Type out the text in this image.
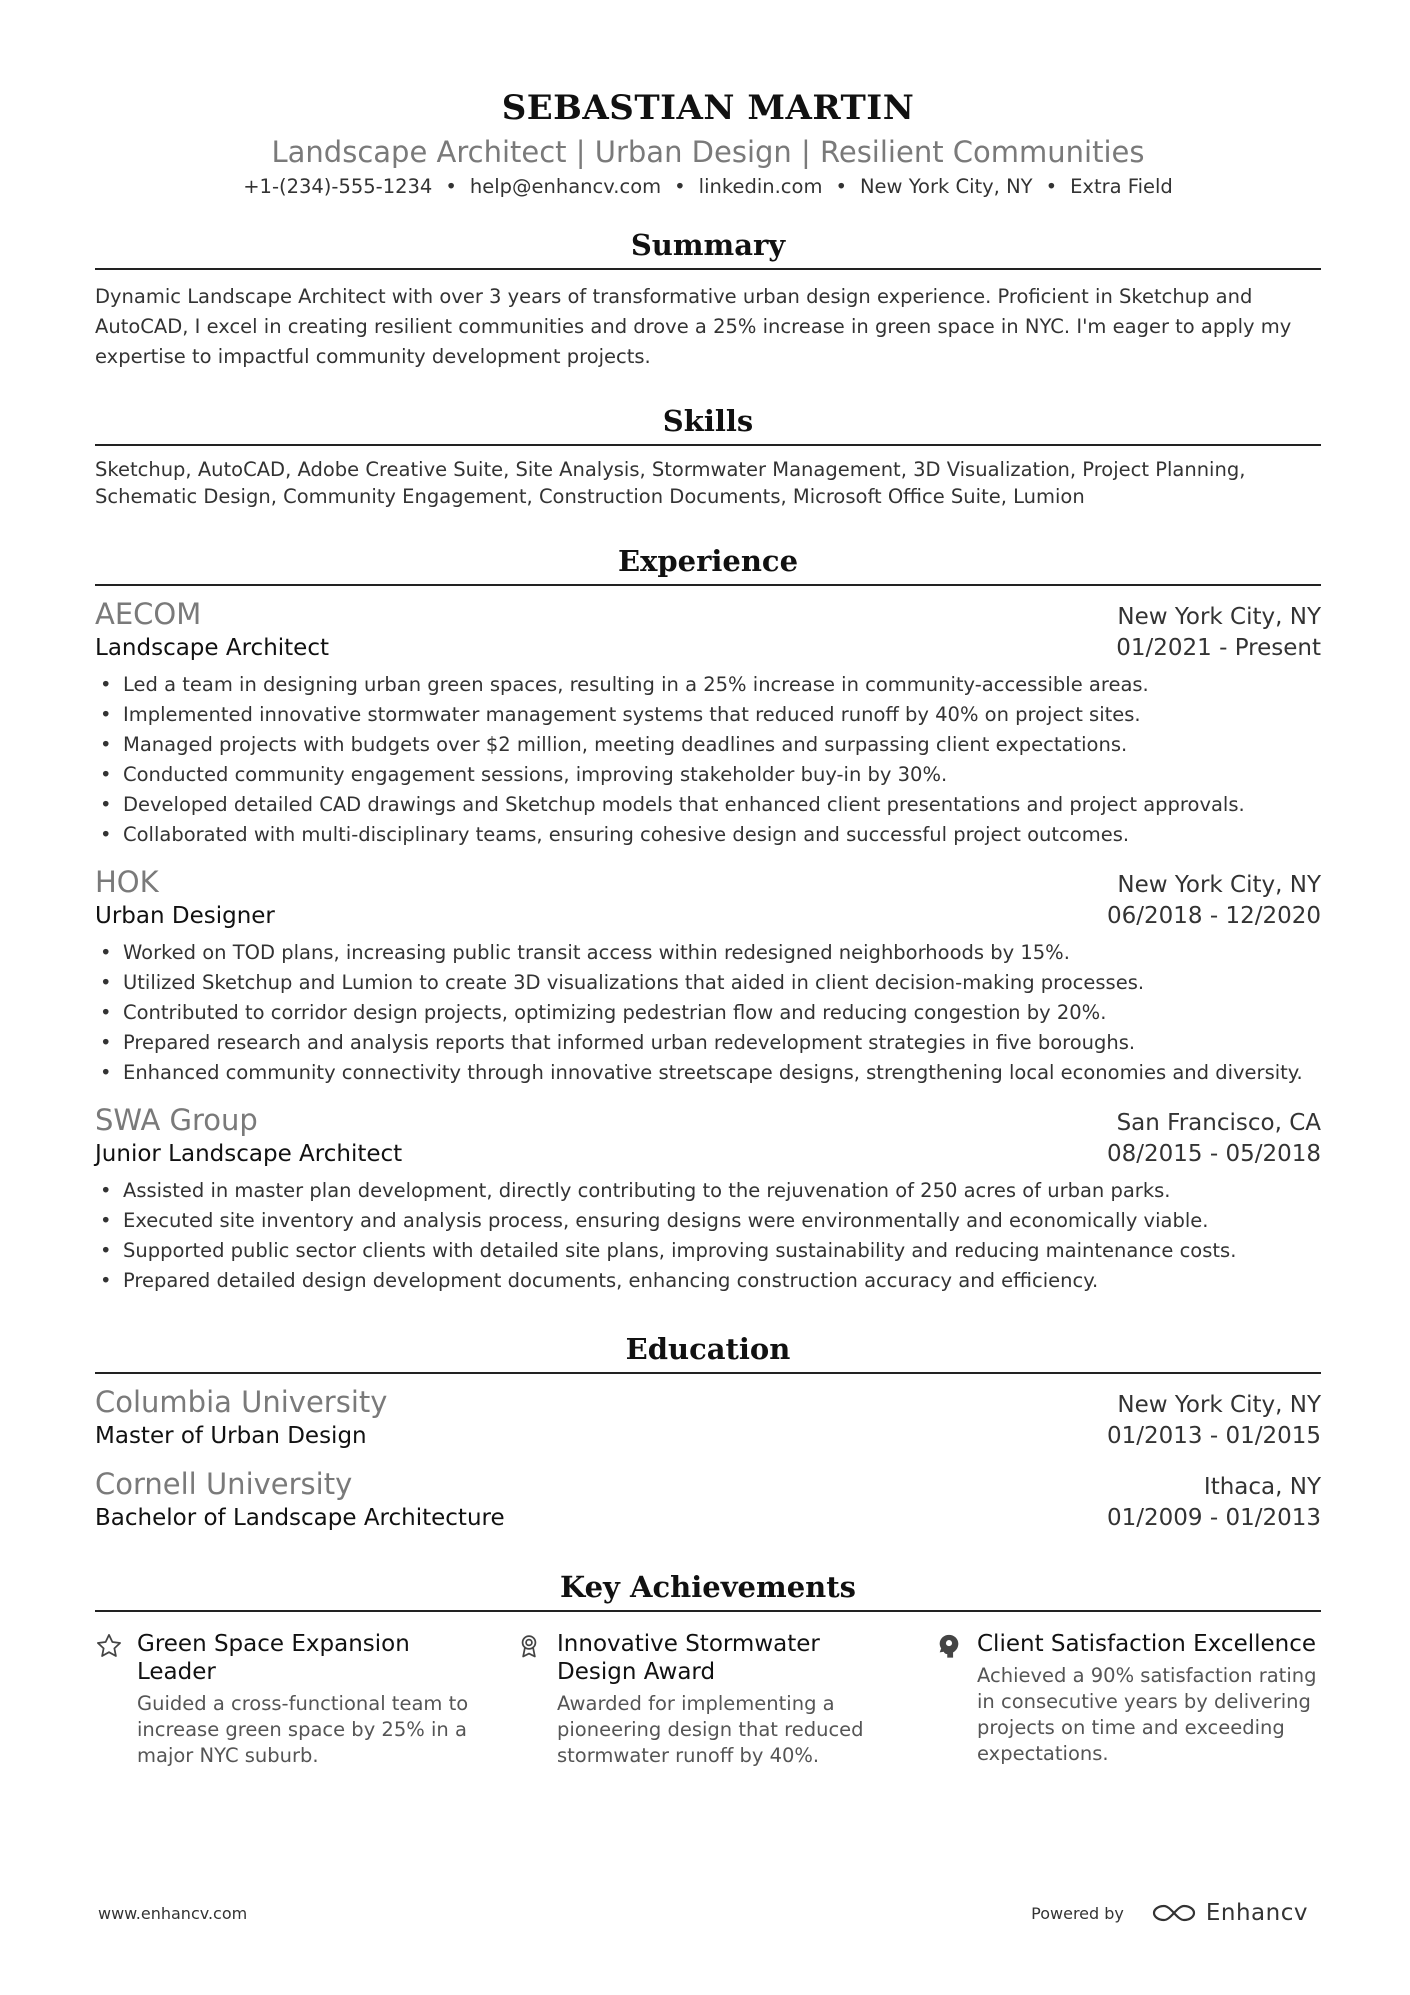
SEBASTIAN MARTIN
Landscape Architect | Urban Design | Resilient Communities
+1-(234)-555-1234 • help@enhancv.com • linkedin.com • New York City, NY • Extra Field
Summary
Dynamic Landscape Architect with over 3 years of transformative urban design experience. Proficient in Sketchup and AutoCAD, I excel in creating resilient communities and drove a 25% increase in green space in NYC. I'm eager to apply my expertise to impactful community development projects.
Skills
Sketchup, AutoCAD, Adobe Creative Suite, Site Analysis, Stormwater Management, 3D Visualization, Project Planning, Schematic Design, Community Engagement, Construction Documents, Microsoft Office Suite, Lumion
Experience
AECOM	New York City, NY
Landscape Architect	01/2021 - Present
• Led a team in designing urban green spaces, resulting in a 25% increase in community-accessible areas.
• Implemented innovative stormwater management systems that reduced runoff by 40% on project sites.
• Managed projects with budgets over $2 million, meeting deadlines and surpassing client expectations.
• Conducted community engagement sessions, improving stakeholder buy-in by 30%.
• Developed detailed CAD drawings and Sketchup models that enhanced client presentations and project approvals.
• Collaborated with multi-disciplinary teams, ensuring cohesive design and successful project outcomes.
HOK	New York City, NY
Urban Designer	06/2018 - 12/2020
• Worked on TOD plans, increasing public transit access within redesigned neighborhoods by 15%.
• Utilized Sketchup and Lumion to create 3D visualizations that aided in client decision-making processes.
• Contributed to corridor design projects, optimizing pedestrian flow and reducing congestion by 20%.
• Prepared research and analysis reports that informed urban redevelopment strategies in five boroughs.
• Enhanced community connectivity through innovative streetscape designs, strengthening local economies and diversity.
SWA Group	San Francisco, CA
Junior Landscape Architect	08/2015 - 05/2018
• Assisted in master plan development, directly contributing to the rejuvenation of 250 acres of urban parks.
• Executed site inventory and analysis process, ensuring designs were environmentally and economically viable.
• Supported public sector clients with detailed site plans, improving sustainability and reducing maintenance costs.
• Prepared detailed design development documents, enhancing construction accuracy and efficiency.
Education
Columbia University	New York City, NY
Master of Urban Design	01/2013 - 01/2015
Cornell University	Ithaca, NY
Bachelor of Landscape Architecture	01/2009 - 01/2013
Key Achievements
Green Space Expansion Leader
Guided a cross-functional team to increase green space by 25% in a major NYC suburb.
Innovative Stormwater Design Award
Awarded for implementing a pioneering design that reduced stormwater runoff by 40%.
Client Satisfaction Excellence
Achieved a 90% satisfaction rating in consecutive years by delivering projects on time and exceeding expectations.
www.enhancv.com	Powered by	Enhancv
